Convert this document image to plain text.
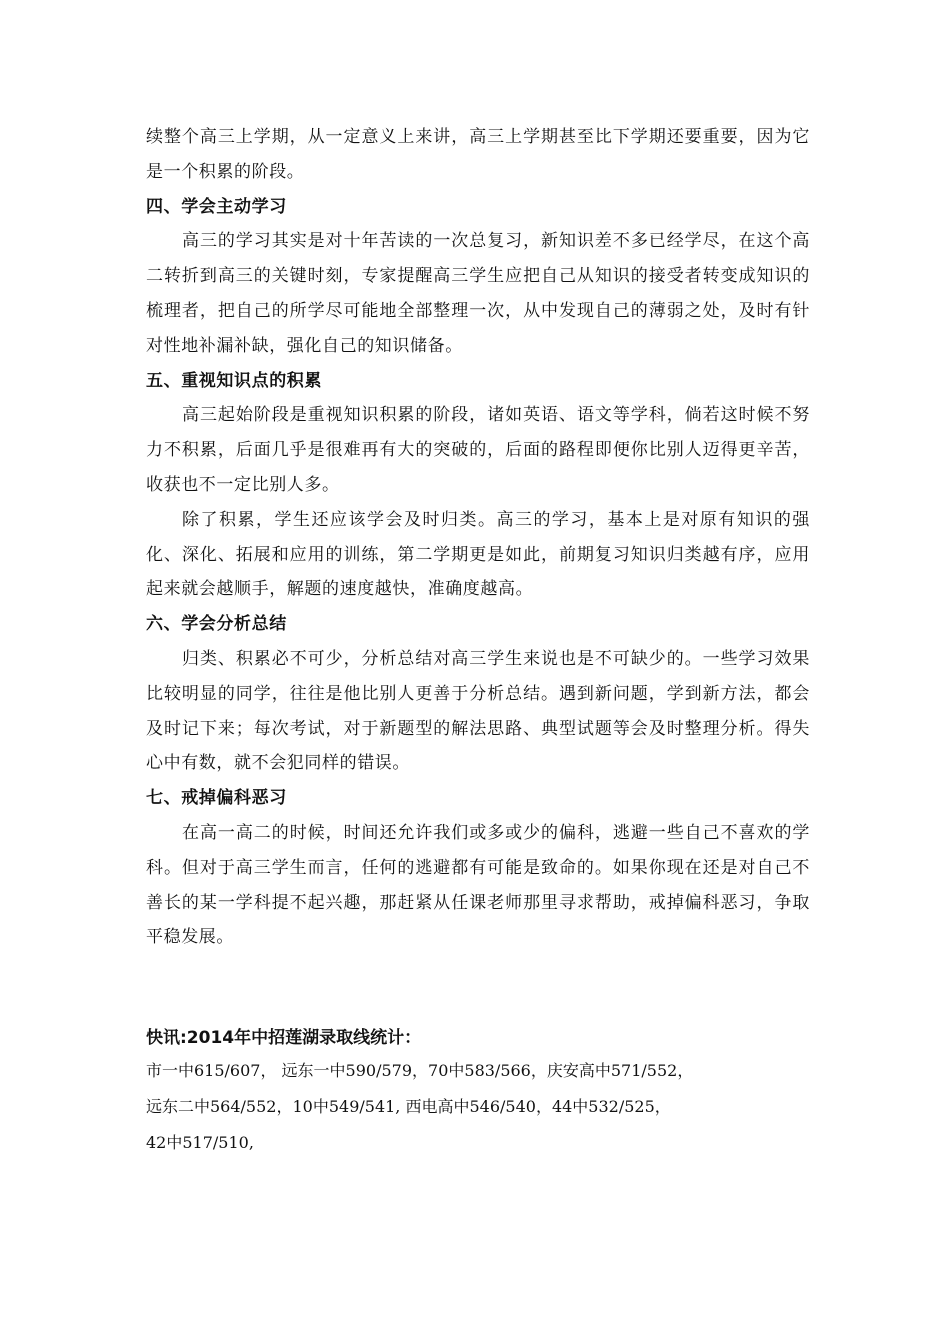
续整个高三上学期，从一定意义上来讲，高三上学期甚至比下学期还要重要，因为它是一个积累的阶段。

四、学会主动学习

高三的学习其实是对十年苦读的一次总复习，新知识差不多已经学尽，在这个高二转折到高三的关键时刻，专家提醒高三学生应把自己从知识的接受者转变成知识的梳理者，把自己的所学尽可能地全部整理一次，从中发现自己的薄弱之处，及时有针对性地补漏补缺，强化自己的知识储备。

五、重视知识点的积累

高三起始阶段是重视知识积累的阶段，诸如英语、语文等学科，倘若这时候不努力不积累，后面几乎是很难再有大的突破的，后面的路程即便你比别人迈得更辛苦，收获也不一定比别人多。

除了积累，学生还应该学会及时归类。高三的学习，基本上是对原有知识的强化、深化、拓展和应用的训练，第二学期更是如此，前期复习知识归类越有序，应用起来就会越顺手，解题的速度越快，准确度越高。

六、学会分析总结

归类、积累必不可少，分析总结对高三学生来说也是不可缺少的。一些学习效果比较明显的同学，往往是他比别人更善于分析总结。遇到新问题，学到新方法，都会及时记下来；每次考试，对于新题型的解法思路、典型试题等会及时整理分析。得失心中有数，就不会犯同样的错误。

七、戒掉偏科恶习

在高一高二的时候，时间还允许我们或多或少的偏科，逃避一些自己不喜欢的学科。但对于高三学生而言，任何的逃避都有可能是致命的。如果你现在还是对自己不善长的某一学科提不起兴趣，那赶紧从任课老师那里寻求帮助，戒掉偏科恶习，争取平稳发展。

快讯:2014年中招莲湖录取线统计：

市一中615/607， 远东一中590/579，70中583/566，庆安高中571/552，

远东二中564/552，10中549/541, 西电高中546/540，44中532/525，

42中517/510,
